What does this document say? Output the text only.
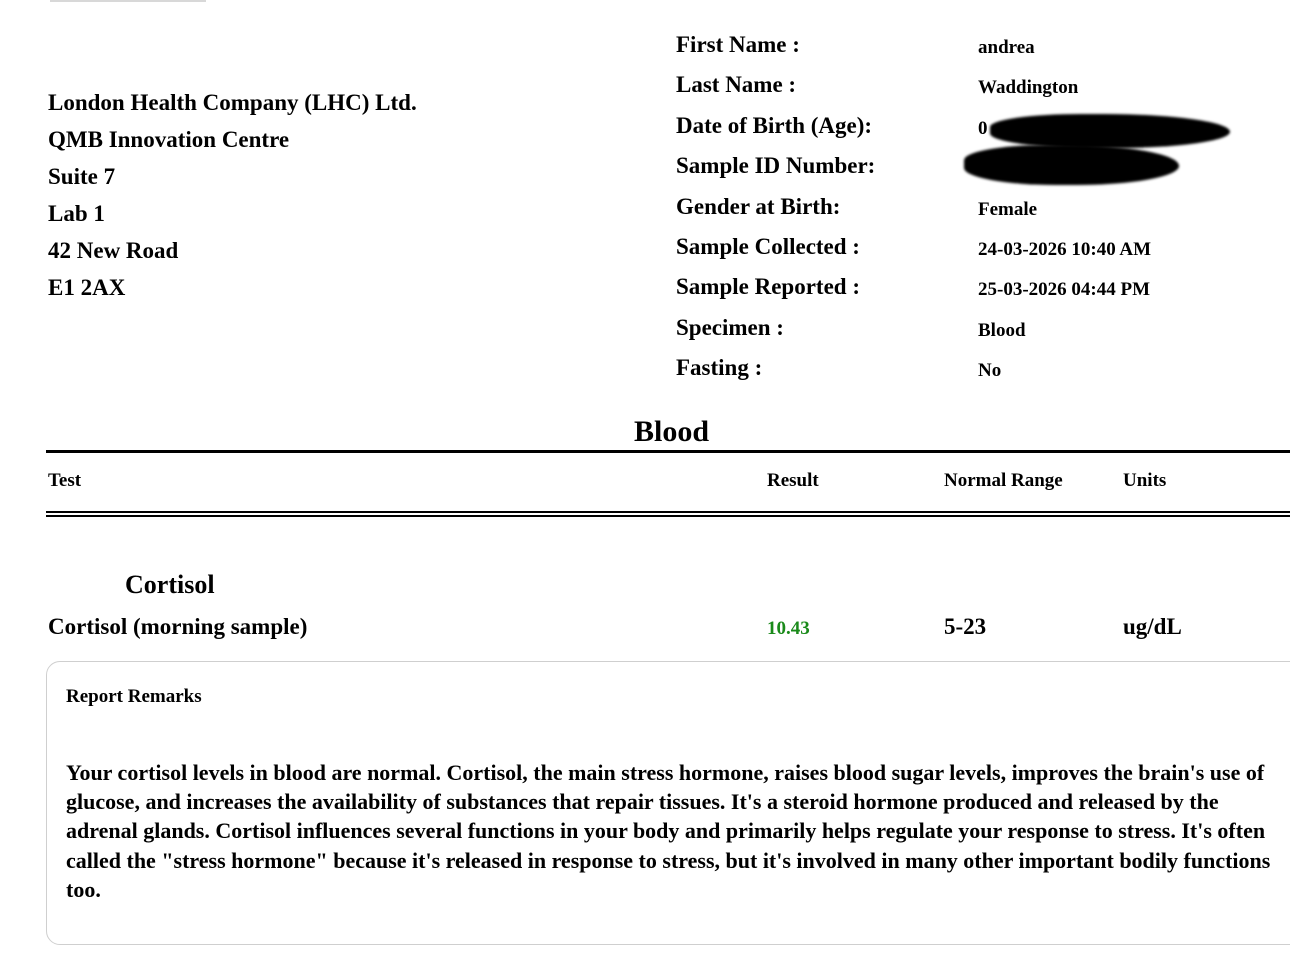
London Health Company (LHC) Ltd.
QMB Innovation Centre
Suite 7
Lab 1
42 New Road
E1 2AX
First Name :	andrea
Last Name :	Waddington
Date of Birth (Age):	0
Sample ID Number:
Gender at Birth:	Female
Sample Collected :	24-03-2026 10:40 AM
Sample Reported :	25-03-2026 04:44 PM
Specimen :	Blood
Fasting :	No
Blood
Test	Result	Normal Range	Units
Cortisol
Cortisol (morning sample)	10.43	5-23	ug/dL
Report Remarks
Your cortisol levels in blood are normal. Cortisol, the main stress hormone, raises blood sugar levels, improves the brain's use of glucose, and increases the availability of substances that repair tissues. It's a steroid hormone produced and released by the adrenal glands. Cortisol influences several functions in your body and primarily helps regulate your response to stress. It's often called the "stress hormone" because it's released in response to stress, but it's involved in many other important bodily functions too.
